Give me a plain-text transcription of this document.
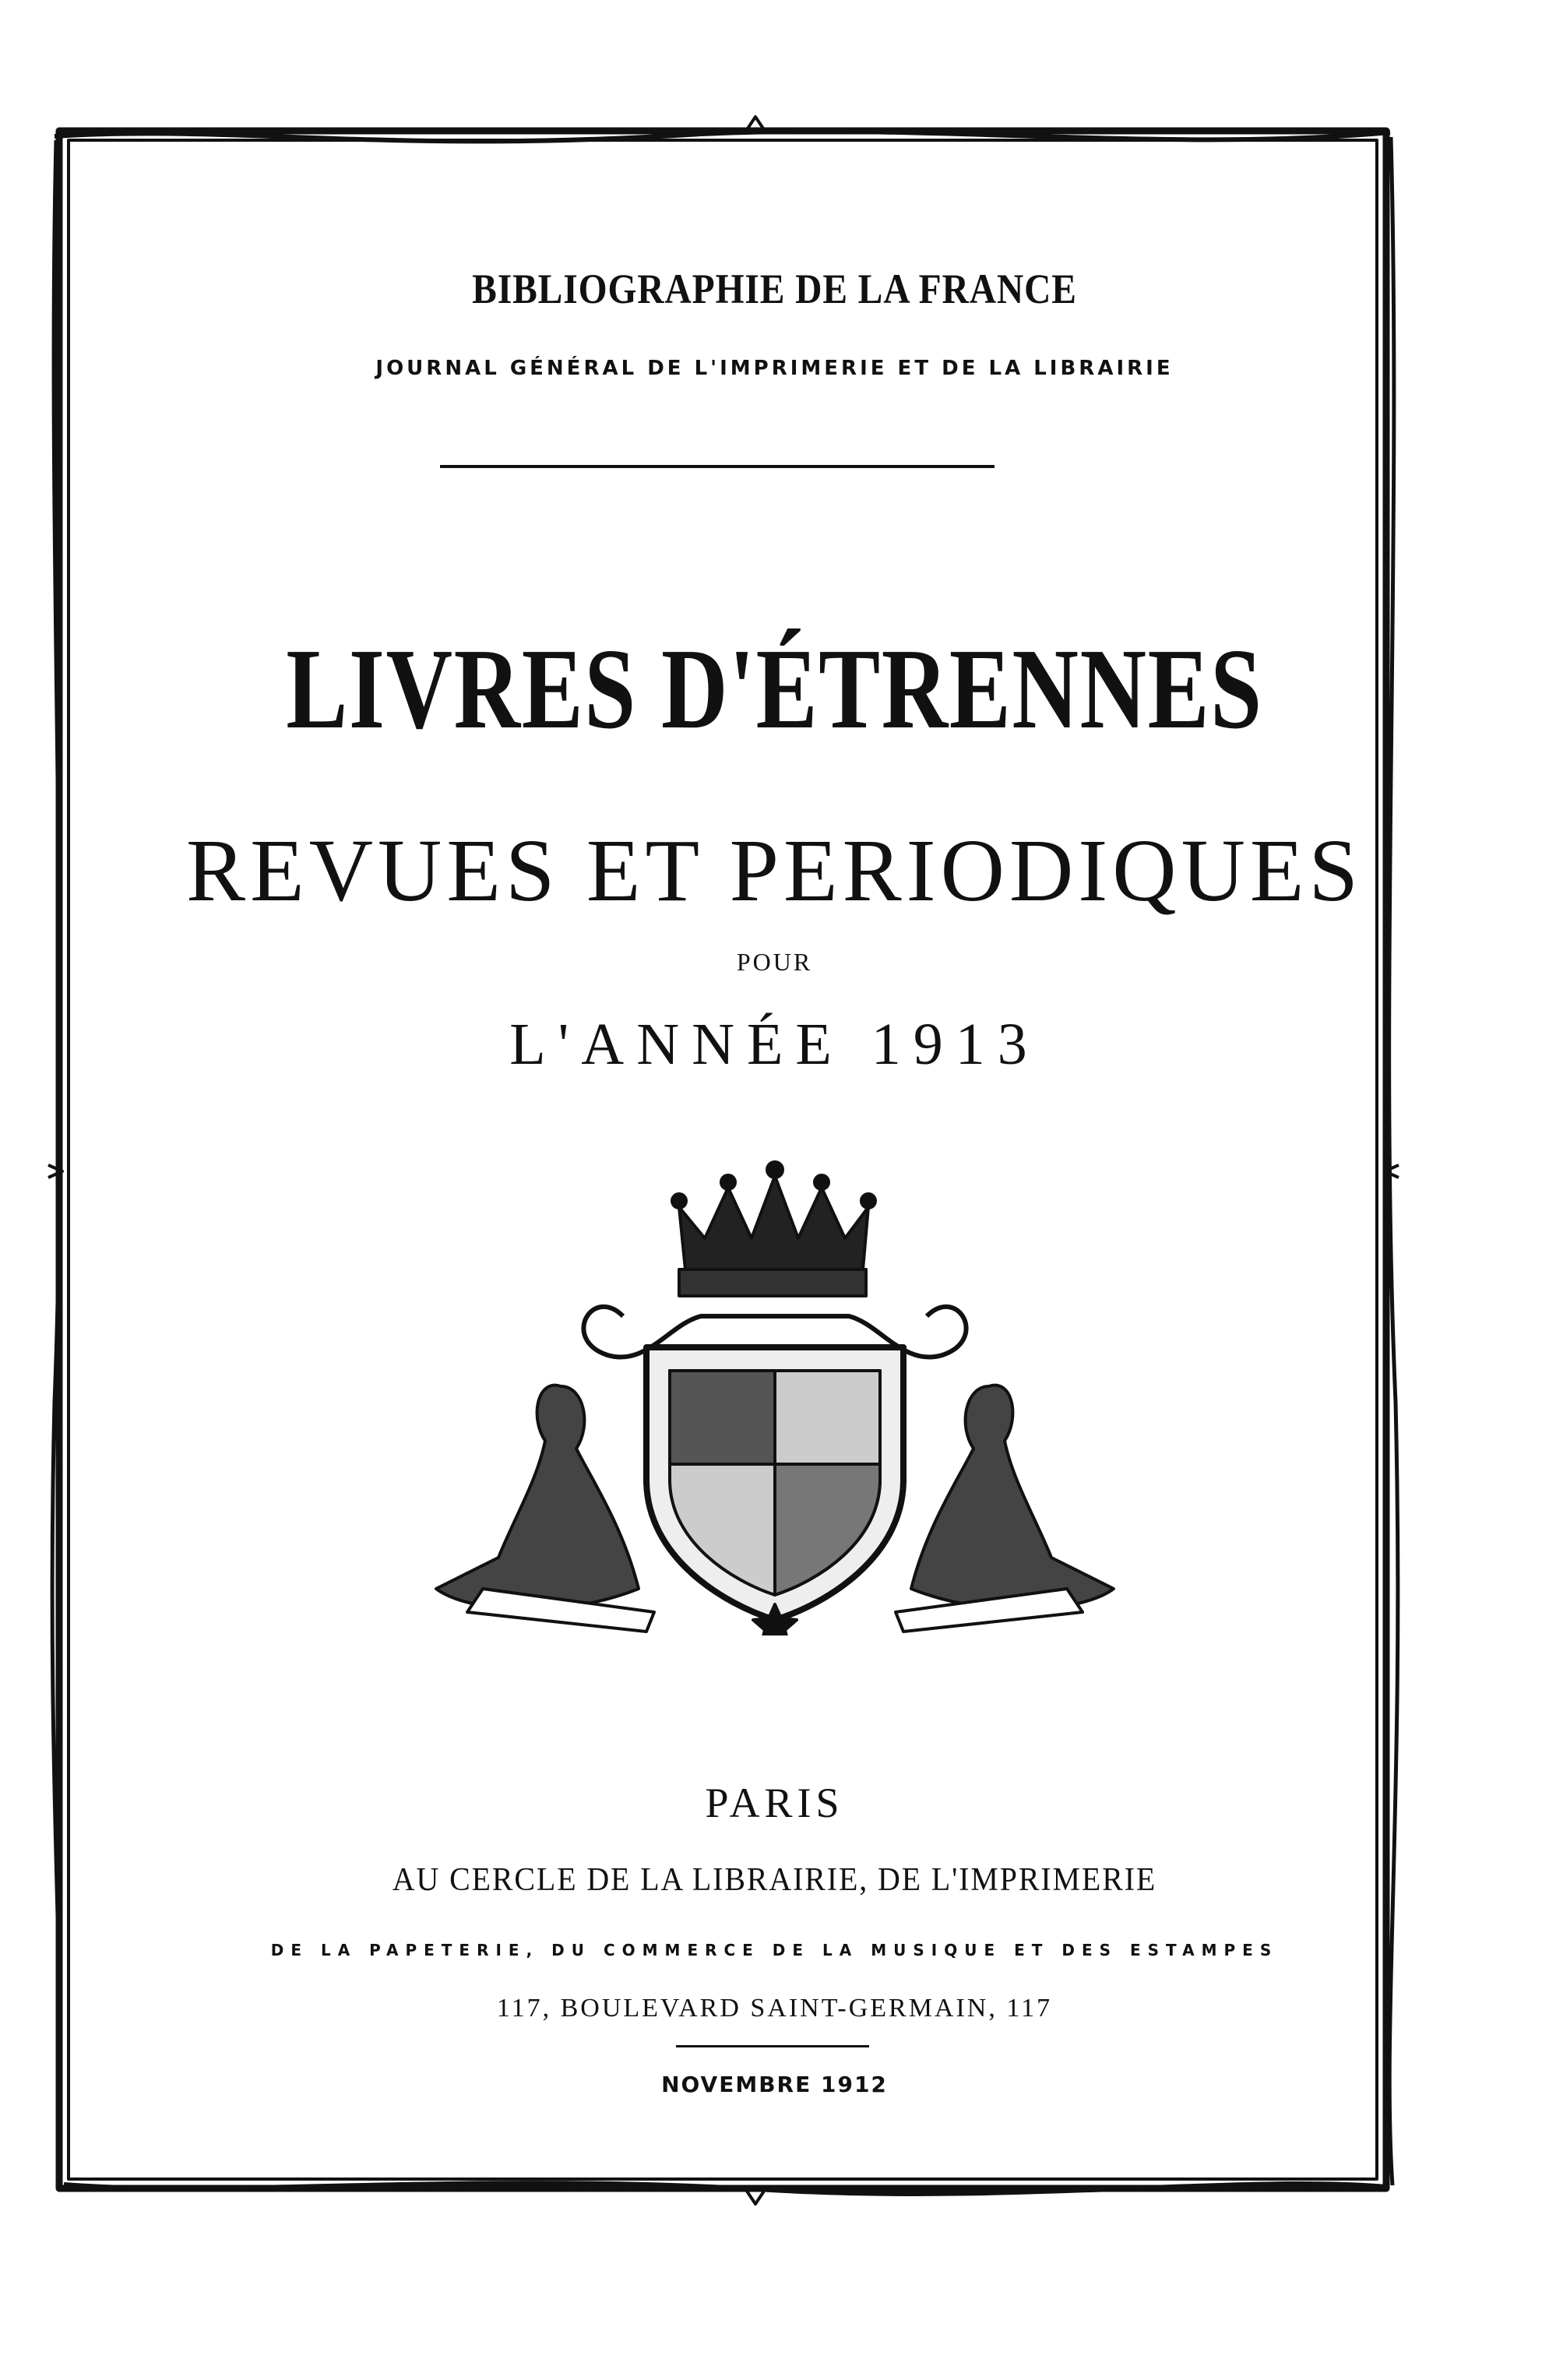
BIBLIOGRAPHIE DE LA FRANCE
JOURNAL GÉNÉRAL DE L'IMPRIMERIE ET DE LA LIBRAIRIE
LIVRES D'ÉTRENNES
REVUES ET PERIODIQUES
POUR
L'ANNÉE 1913
PARIS
AU CERCLE DE LA LIBRAIRIE, DE L'IMPRIMERIE
DE LA PAPETERIE, DU COMMERCE DE LA MUSIQUE ET DES ESTAMPES
117, BOULEVARD SAINT-GERMAIN, 117
NOVEMBRE 1912
